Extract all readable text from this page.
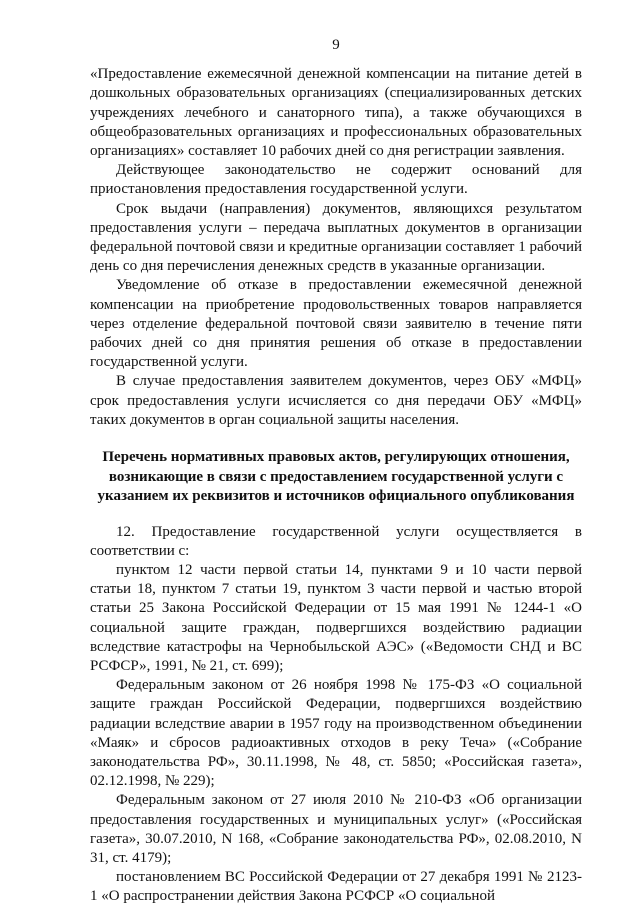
9

«Предоставление ежемесячной денежной компенсации на питание детей в дошкольных образовательных организациях (специализированных детских учреждениях лечебного и санаторного типа), а также обучающихся в общеобразовательных организациях и профессиональных образовательных организациях» составляет 10 рабочих дней со дня регистрации заявления.

Действующее законодательство не содержит оснований для приостановления предоставления государственной услуги.

Срок выдачи (направления) документов, являющихся результатом предоставления услуги – передача выплатных документов в организации федеральной почтовой связи и кредитные организации составляет 1 рабочий день со дня перечисления денежных средств в указанные организации.

Уведомление об отказе в предоставлении ежемесячной денежной компенсации на приобретение продовольственных товаров направляется через отделение федеральной почтовой связи заявителю в течение пяти рабочих дней со дня принятия решения об отказе в предоставлении государственной услуги.

В случае предоставления заявителем документов, через ОБУ «МФЦ» срок предоставления услуги исчисляется со дня передачи ОБУ «МФЦ» таких документов в орган социальной защиты населения.

Перечень нормативных правовых актов, регулирующих отношения, возникающие в связи с предоставлением государственной услуги с указанием их реквизитов и источников официального опубликования

12. Предоставление государственной услуги осуществляется в соответствии с:

пунктом 12 части первой статьи 14, пунктами 9 и 10 части первой статьи 18, пунктом 7 статьи 19, пунктом 3 части первой и частью второй статьи 25 Закона Российской Федерации от 15 мая 1991 № 1244-1 «О социальной защите граждан, подвергшихся воздействию радиации вследствие катастрофы на Чернобыльской АЭС» («Ведомости СНД и ВС РСФСР», 1991, № 21, ст. 699);

Федеральным законом от 26 ноября 1998 № 175-ФЗ «О социальной защите граждан Российской Федерации, подвергшихся воздействию радиации вследствие аварии в 1957 году на производственном объединении «Маяк» и сбросов радиоактивных отходов в реку Теча» («Собрание законодательства РФ», 30.11.1998, № 48, ст. 5850; «Российская газета», 02.12.1998, № 229);

Федеральным законом от 27 июля 2010 № 210-ФЗ «Об организации предоставления государственных и муниципальных услуг» («Российская газета», 30.07.2010, N 168, «Собрание законодательства РФ», 02.08.2010, N 31, ст. 4179);

постановлением ВС Российской Федерации от 27 декабря 1991 № 2123-1 «О распространении действия Закона РСФСР «О социальной
